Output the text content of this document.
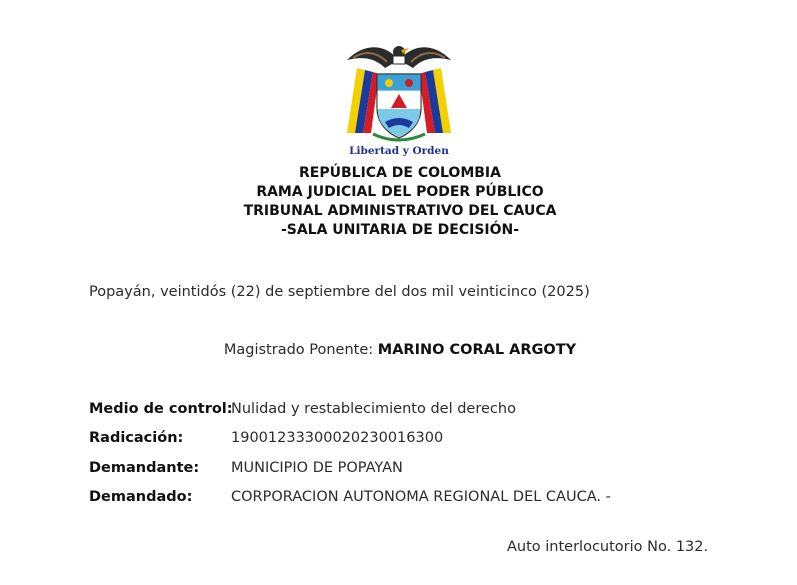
Libertad y Orden
REPÚBLICA DE COLOMBIA
RAMA JUDICIAL DEL PODER PÚBLICO
TRIBUNAL ADMINISTRATIVO DEL CAUCA
-SALA UNITARIA DE DECISIÓN-
Popayán, veintidós (22) de septiembre del dos mil veinticinco (2025)
Magistrado Ponente: MARINO CORAL ARGOTY
Medio de control:
Nulidad y restablecimiento del derecho
Radicación:	19001233300020230016300
Demandante: MUNICIPIO DE POPAYAN
Demandado:	CORPORACION AUTONOMA REGIONAL DEL CAUCA. -
Auto interlocutorio No. 132.
